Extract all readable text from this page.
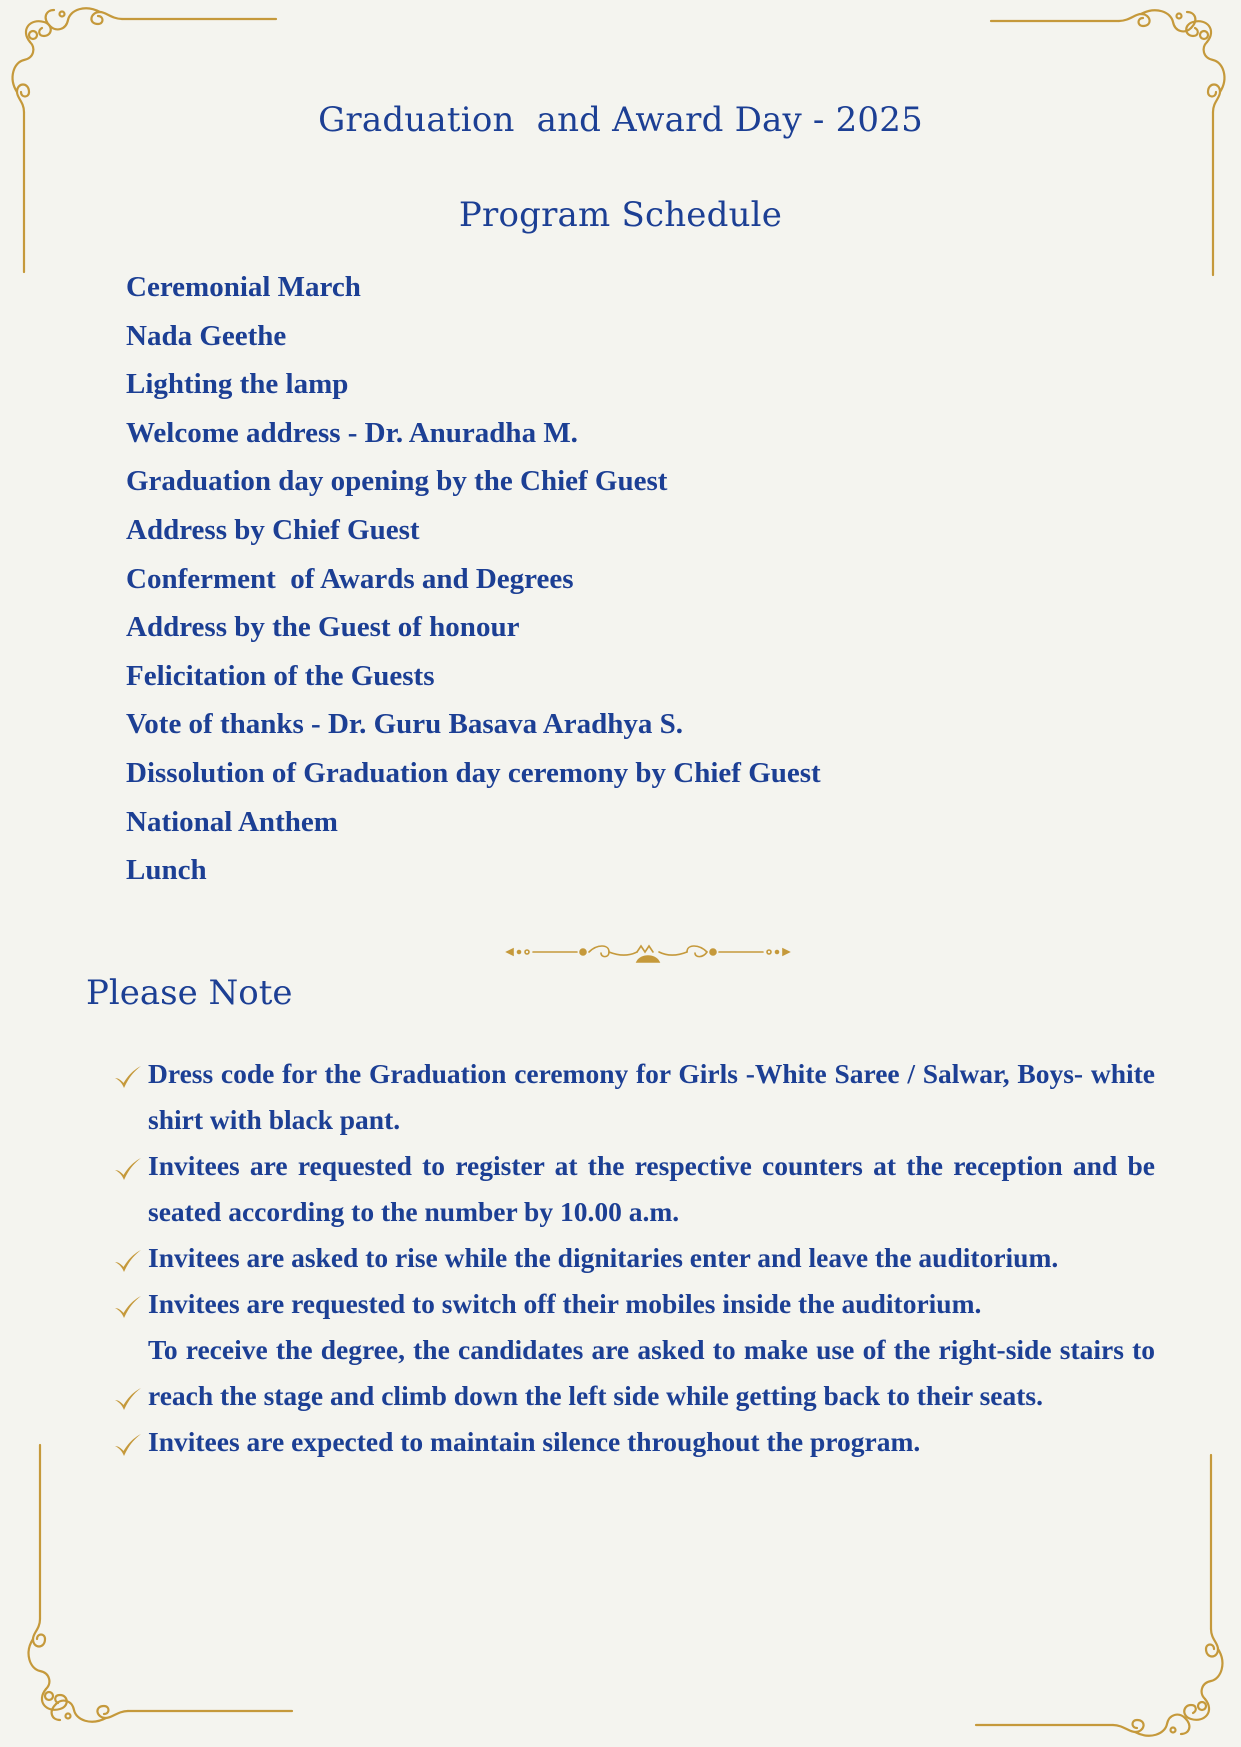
Graduation  and Award Day - 2025
Program Schedule
Ceremonial March
Nada Geethe
Lighting the lamp
Welcome address - Dr. Anuradha M.
Graduation day opening by the Chief Guest
Address by Chief Guest
Conferment  of Awards and Degrees
Address by the Guest of honour
Felicitation of the Guests
Vote of thanks - Dr. Guru Basava Aradhya S.
Dissolution of Graduation day ceremony by Chief Guest
National Anthem
Lunch
Please Note
Dress code for the Graduation ceremony for Girls -White Saree / Salwar, Boys- white shirt with black pant.
Invitees are requested to register at the respective counters at the reception and be seated according to the number by 10.00 a.m.
Invitees are asked to rise while the dignitaries enter and leave the auditorium.
Invitees are requested to switch off their mobiles inside the auditorium.
To receive the degree, the candidates are asked to make use of the right-side stairs to reach the stage and climb down the left side while getting back to their seats.
Invitees are expected to maintain silence throughout the program.
